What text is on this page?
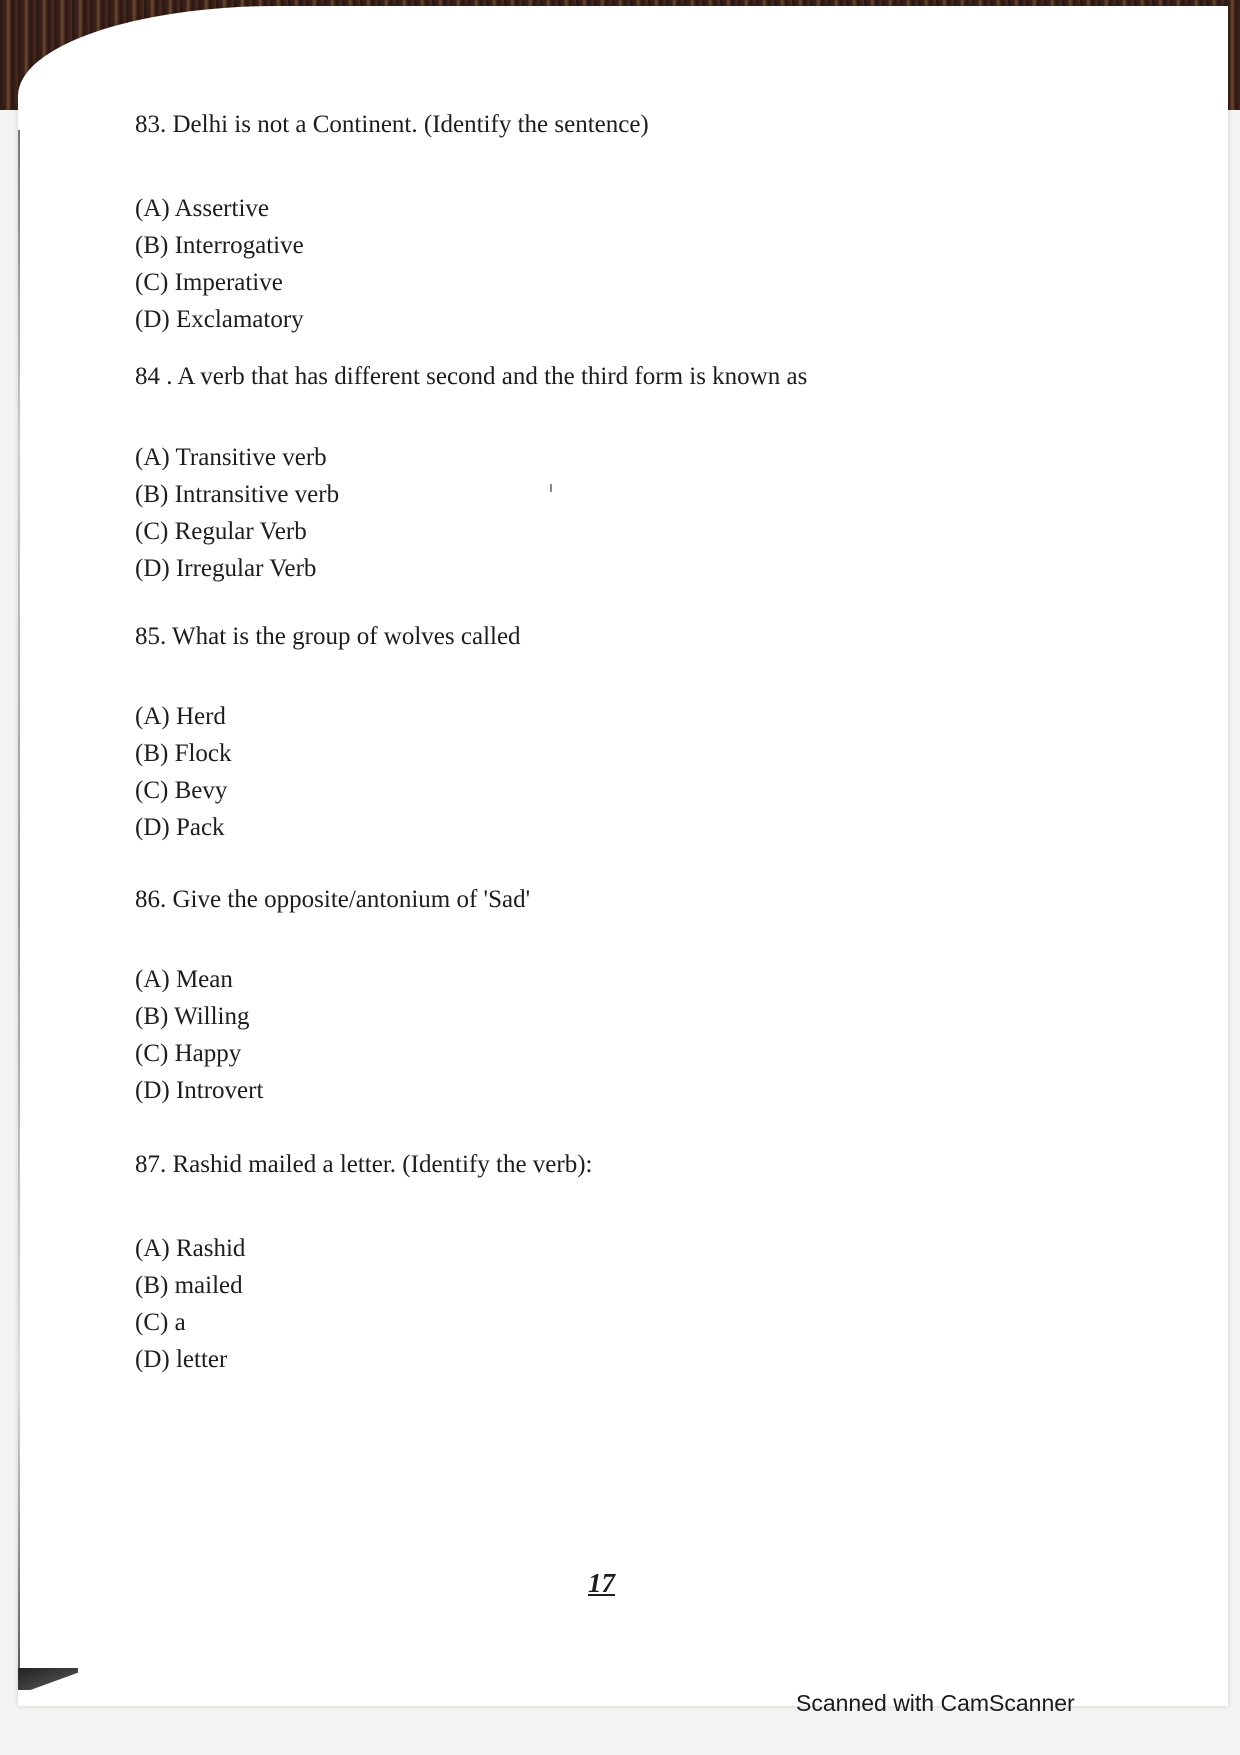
83. Delhi is not a Continent. (Identify the sentence)

(A) Assertive
(B) Interrogative
(C) Imperative
(D) Exclamatory

84 . A verb that has different second and the third form is known as

(A) Transitive verb
(B) Intransitive verb
(C) Regular Verb
(D) Irregular Verb

85. What is the group of wolves called

(A) Herd
(B) Flock
(C) Bevy
(D) Pack

86. Give the opposite/antonium of 'Sad'

(A) Mean
(B) Willing
(C) Happy
(D) Introvert

87. Rashid mailed a letter. (Identify the verb):

(A) Rashid
(B) mailed
(C) a
(D) letter
17
Scanned with CamScanner
